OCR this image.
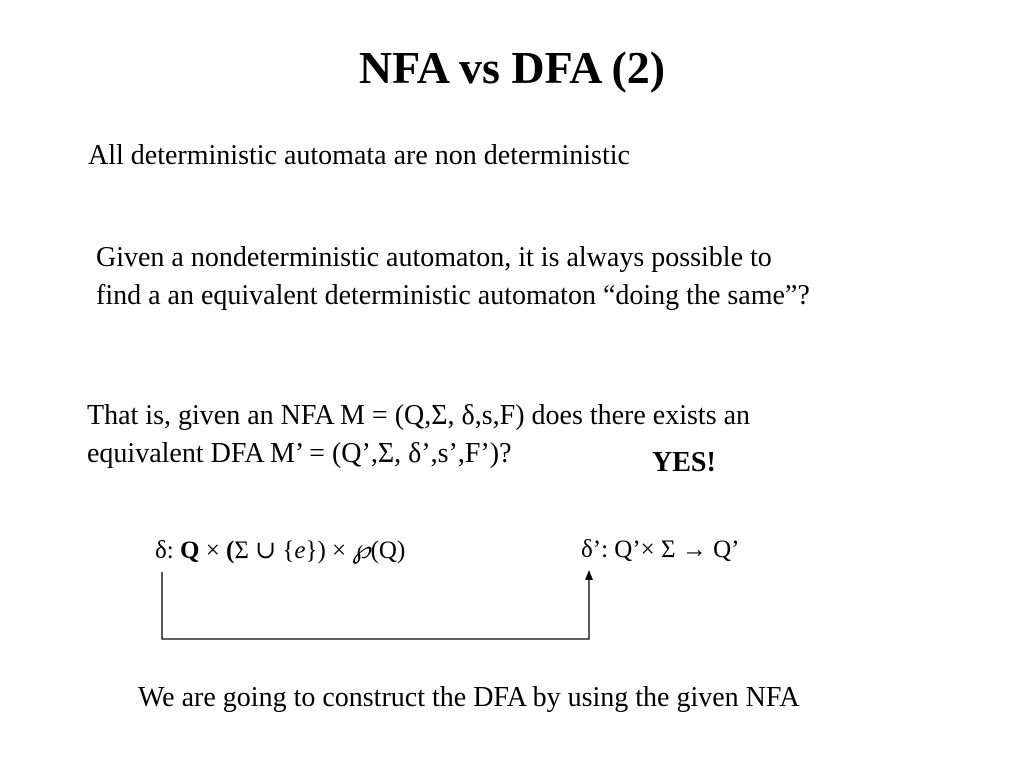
NFA vs DFA (2)
All deterministic automata are non deterministic
Given a nondeterministic automaton, it is always possible to
find a an equivalent deterministic automaton “doing the same”?
That is, given an NFA M = (Q,Σ, δ,s,F) does there exists an
equivalent DFA M’ = (Q’,Σ, δ’,s’,F’)?	YES!
δ: Q × (Σ ∪ {e}) × ℘(Q)	δ’: Q’× Σ → Q’
We are going to construct the DFA by using the given NFA
